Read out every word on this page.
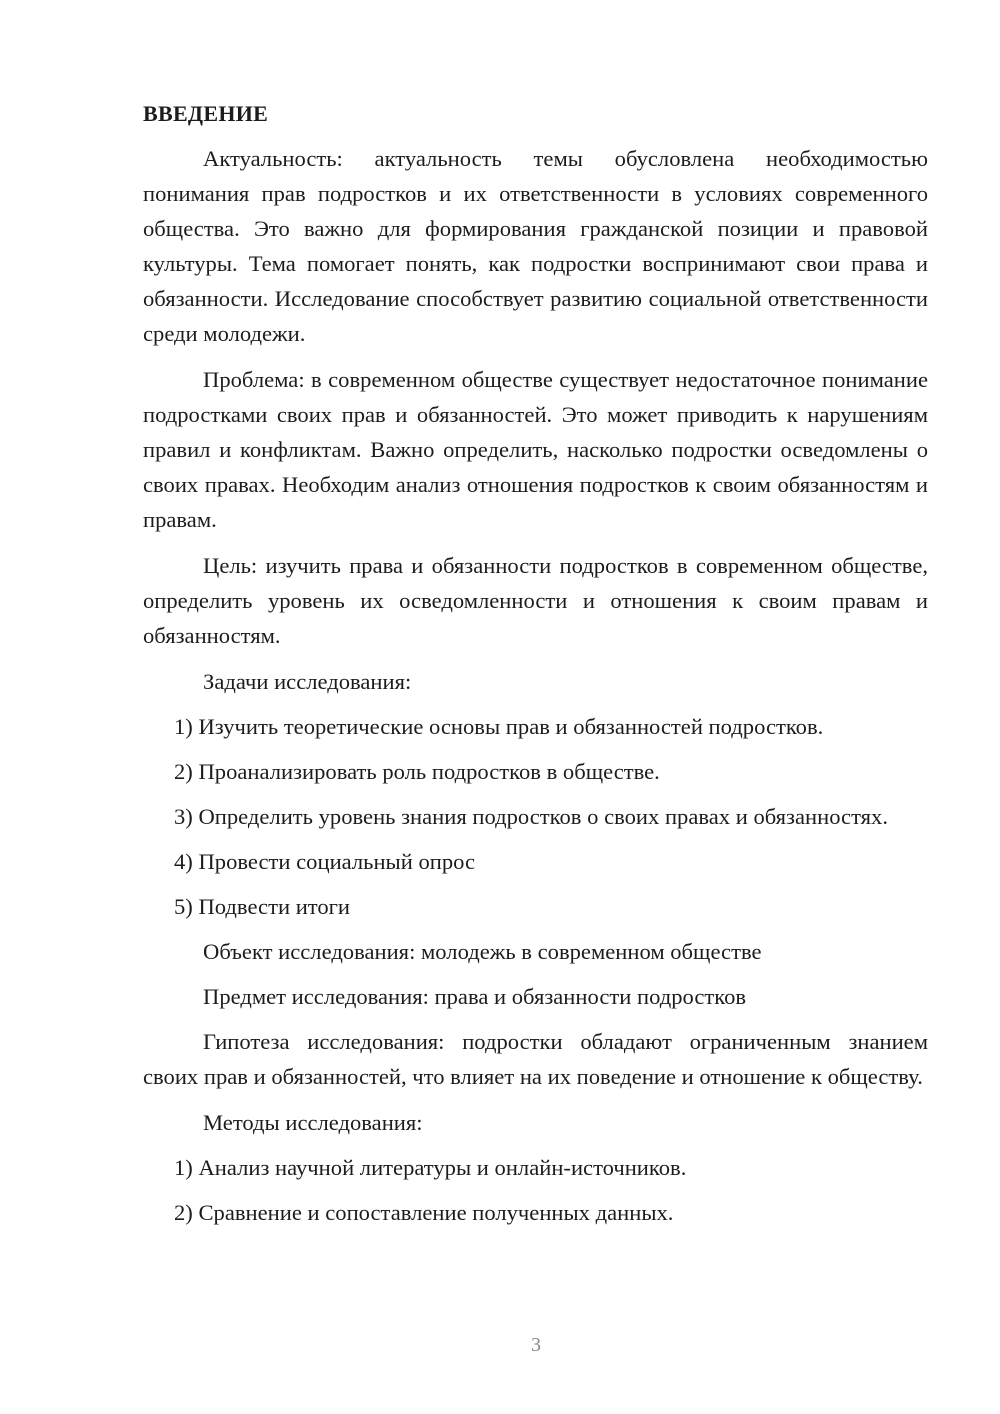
ВВЕДЕНИЕ

Актуальность: актуальность темы обусловлена необходимостью понимания прав подростков и их ответственности в условиях современного общества. Это важно для формирования гражданской позиции и правовой культуры. Тема помогает понять, как подростки воспринимают свои права и обязанности. Исследование способствует развитию социальной ответственности среди молодежи.

Проблема: в современном обществе существует недостаточное понимание подростками своих прав и обязанностей. Это может приводить к нарушениям правил и конфликтам. Важно определить, насколько подростки осведомлены о своих правах. Необходим анализ отношения подростков к своим обязанностям и правам.

Цель: изучить права и обязанности подростков в современном обществе, определить уровень их осведомленности и отношения к своим правам и обязанностям.

Задачи исследования:

1) Изучить теоретические основы прав и обязанностей подростков.

2) Проанализировать роль подростков в обществе.

3) Определить уровень знания подростков о своих правах и обязанностях.

4) Провести социальный опрос

5) Подвести итоги

Объект исследования: молодежь в современном обществе

Предмет исследования: права и обязанности подростков

Гипотеза исследования: подростки обладают ограниченным знанием своих прав и обязанностей, что влияет на их поведение и отношение к обществу.

Методы исследования:

1) Анализ научной литературы и онлайн-источников.

2) Сравнение и сопоставление полученных данных.

3
